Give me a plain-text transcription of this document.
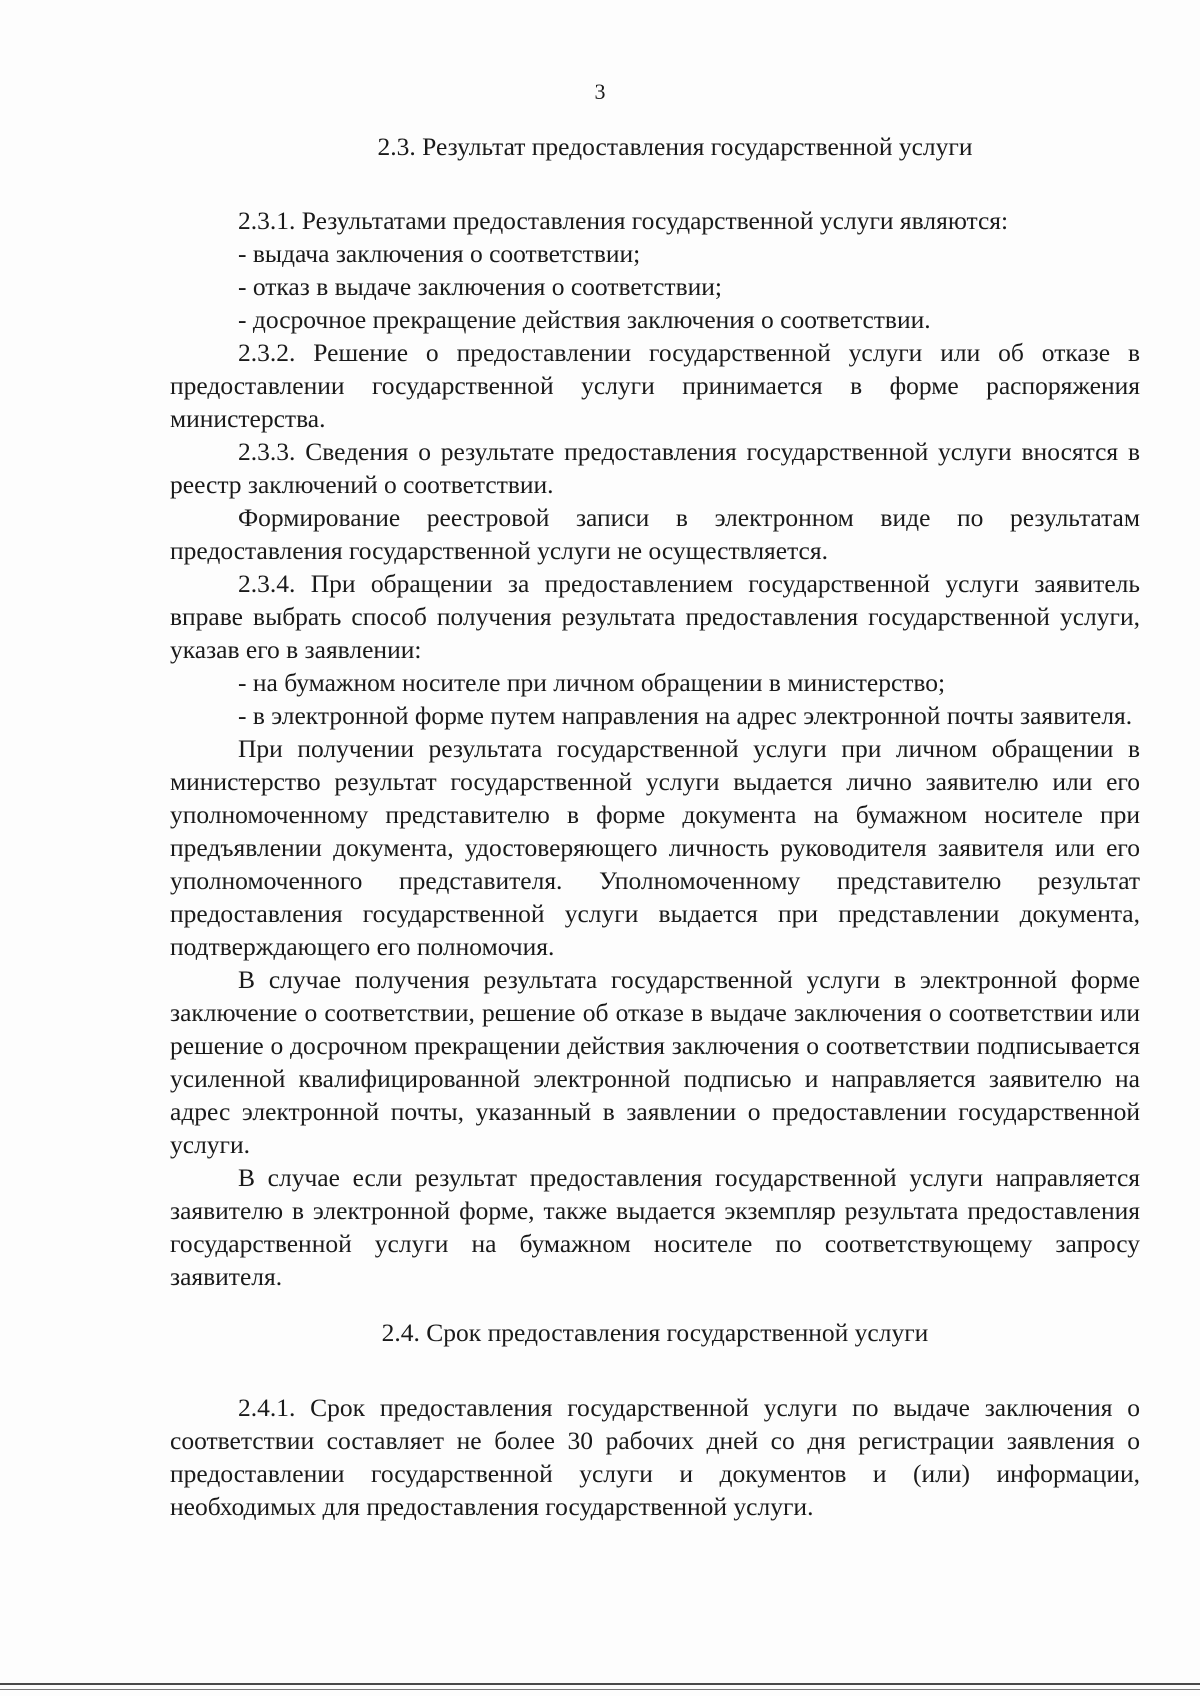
3

2.3. Результат предоставления государственной услуги

2.3.1. Результатами предоставления государственной услуги являются:

- выдача заключения о соответствии;

- отказ в выдаче заключения о соответствии;

- досрочное прекращение действия заключения о соответствии.

2.3.2. Решение о предоставлении государственной услуги или об отказе в предоставлении государственной услуги принимается в форме распоряжения министерства.

2.3.3. Сведения о результате предоставления государственной услуги вносятся в реестр заключений о соответствии.

Формирование реестровой записи в электронном виде по результатам предоставления государственной услуги не осуществляется.

2.3.4. При обращении за предоставлением государственной услуги заявитель вправе выбрать способ получения результата предоставления государственной услуги, указав его в заявлении:

- на бумажном носителе при личном обращении в министерство;

- в электронной форме путем направления на адрес электронной почты заявителя.

При получении результата государственной услуги при личном обращении в министерство результат государственной услуги выдается лично заявителю или его уполномоченному представителю в форме документа на бумажном носителе при предъявлении документа, удостоверяющего личность руководителя заявителя или его уполномоченного представителя. Уполномоченному представителю результат предоставления государственной услуги выдается при представлении документа, подтверждающего его полномочия.

В случае получения результата государственной услуги в электронной форме заключение о соответствии, решение об отказе в выдаче заключения о соответствии или решение о досрочном прекращении действия заключения о соответствии подписывается усиленной квалифицированной электронной подписью и направляется заявителю на адрес электронной почты, указанный в заявлении о предоставлении государственной услуги.

В случае если результат предоставления государственной услуги направляется заявителю в электронной форме, также выдается экземпляр результата предоставления государственной услуги на бумажном носителе по соответствующему запросу заявителя.

2.4. Срок предоставления государственной услуги

2.4.1. Срок предоставления государственной услуги по выдаче заключения о соответствии составляет не более 30 рабочих дней со дня регистрации заявления о предоставлении государственной услуги и документов и (или) информации, необходимых для предоставления государственной услуги.
